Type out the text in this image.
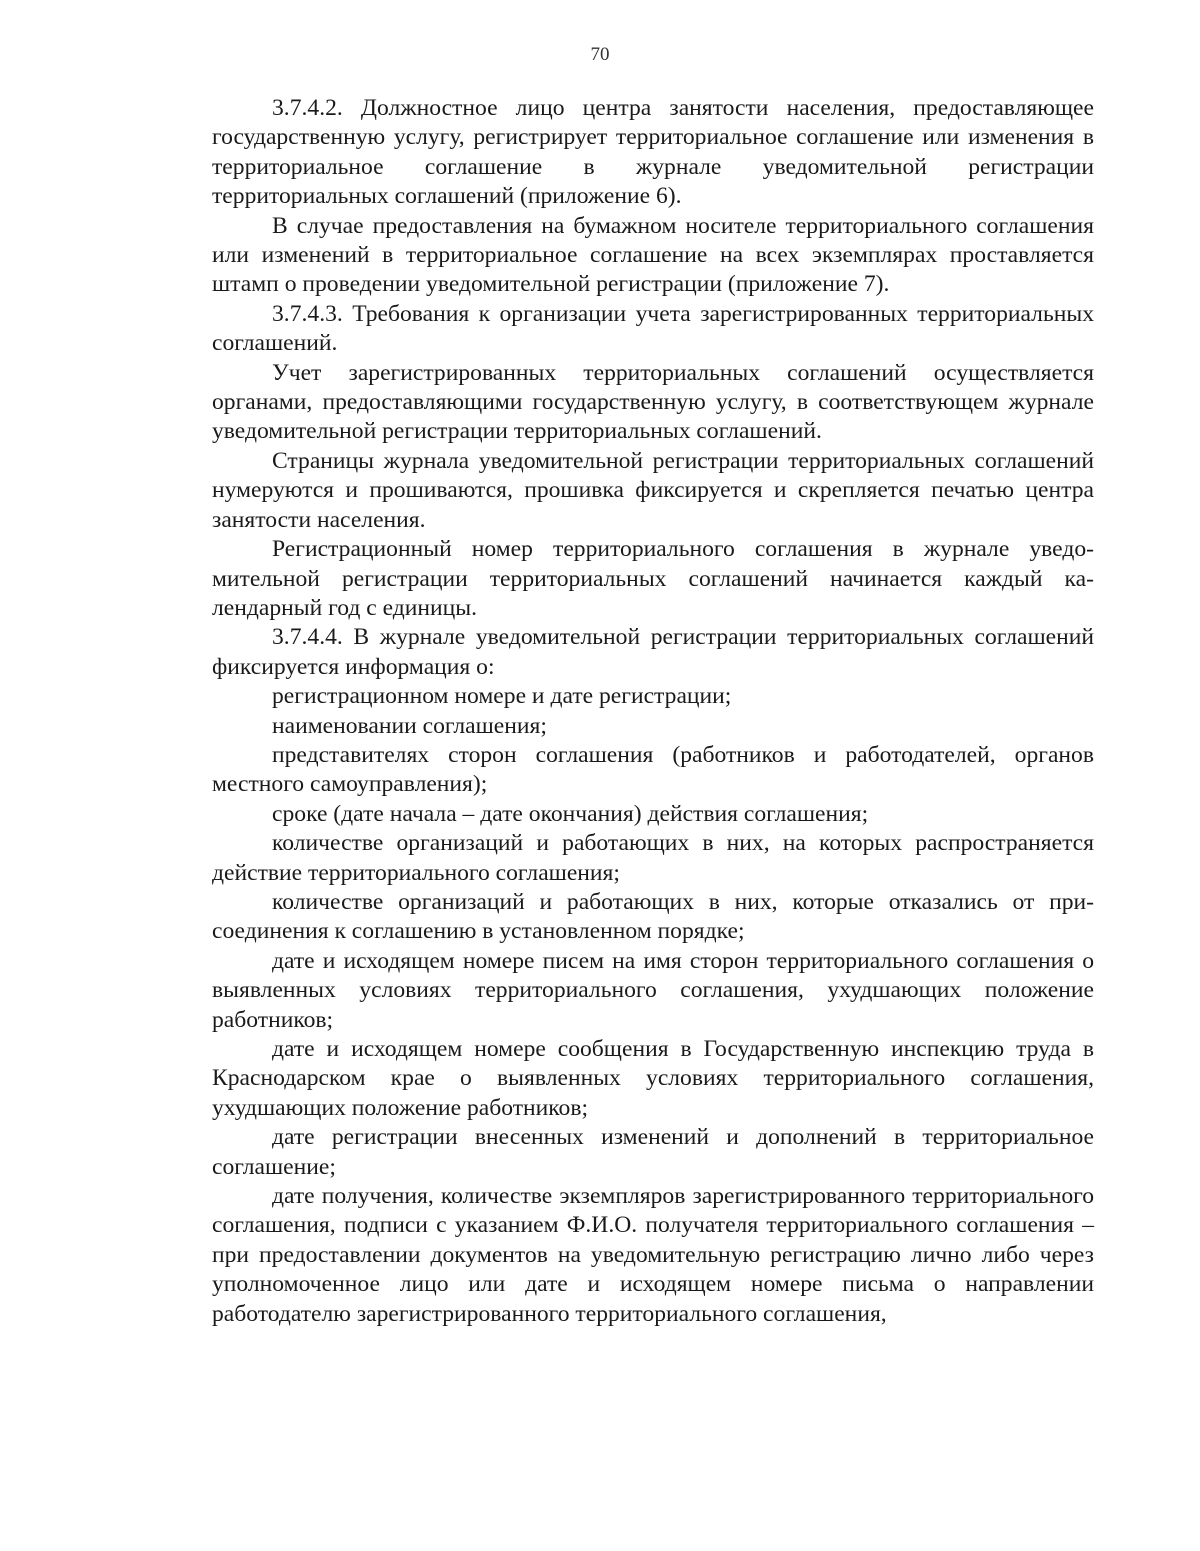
70

3.7.4.2. Должностное лицо центра занятости населения, предоставляющее государственную услугу, регистрирует территориальное соглашение или изменения в территориальное соглашение в журнале уведомительной регистрации территориальных соглашений (приложение 6).

В случае предоставления на бумажном носителе территориального соглашения или изменений в территориальное соглашение на всех экземплярах проставляется штамп о проведении уведомительной регистрации (приложение 7).

3.7.4.3. Требования к организации учета зарегистрированных территориальных соглашений.

Учет зарегистрированных территориальных соглашений осуществляется органами, предоставляющими государственную услугу, в соответствующем журнале уведомительной регистрации территориальных соглашений.

Страницы журнала уведомительной регистрации территориальных соглашений нумеруются и прошиваются, прошивка фиксируется и скрепляется печатью центра занятости населения.

Регистрационный номер территориального соглашения в журнале уведомительной регистрации территориальных соглашений начинается каждый календарный год с единицы.

3.7.4.4. В журнале уведомительной регистрации территориальных соглашений фиксируется информация о:

регистрационном номере и дате регистрации;

наименовании соглашения;

представителях сторон соглашения (работников и работодателей, органов местного самоуправления);

сроке (дате начала – дате окончания) действия соглашения;

количестве организаций и работающих в них, на которых распространяется действие территориального соглашения;

количестве организаций и работающих в них, которые отказались от присоединения к соглашению в установленном порядке;

дате и исходящем номере писем на имя сторон территориального соглашения о выявленных условиях территориального соглашения, ухудшающих положение работников;

дате и исходящем номере сообщения в Государственную инспекцию труда в Краснодарском крае о выявленных условиях территориального соглашения, ухудшающих положение работников;

дате регистрации внесенных изменений и дополнений в территориальное соглашение;

дате получения, количестве экземпляров зарегистрированного территориального соглашения, подписи с указанием Ф.И.О. получателя территориального соглашения – при предоставлении документов на уведомительную регистрацию лично либо через уполномоченное лицо или дате и исходящем номере письма о направлении работодателю зарегистрированного территориального соглашения,
